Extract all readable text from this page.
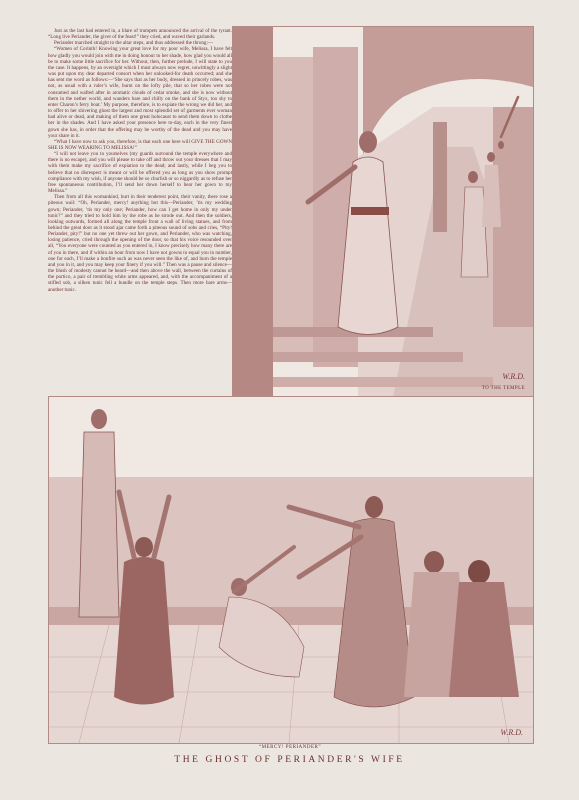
Just as the last had entered in, a blare of trumpets announced the arrival of the tyrant. “Long live Periander, the giver of the feast!” they cried, and waved their garlands.

Periander marched straight to the altar steps, and thus addressed the throng:—

“Women of Corinth! Knowing your great love for my poor wife, Melissa, I have felt how gladly you would join with me in doing honour to her shade, how glad you would all be to make some little sacrifice for her. Without, then, further prelude, I will state to you the case. It happens, by an oversight which I must always now regret, unwittingly a slight was put upon my dear departed consort when her unlooked-for death occurred; and she has sent me word as follows:—‘She says that as her body, dressed in princely robes, was not, as usual with a ruler’s wife, burnt on the lofty pile, that so her robes were not consumed and wafted after in aromatic clouds of cedar smoke, and she is now without them in the nether world, and wanders bare and chilly on the bank of Styx, too shy to enter Charon’s ferry boat.’ My purpose, therefore, is to expiate the wrong we did her, and to offer to her shivering ghost the largest and most splendid set of garments ever woman had alive or dead, and making of them one great holocaust to send them down to clothe her in the shades. And I have asked your presence here to-day, each in the very finest gown she has, in order that the offering may be worthy of the dead and you may have your share in it.

“What I have now to ask you, therefore, is that each one here will GIVE THE GOWN SHE IS NOW WEARING TO MELISSA!”

“I will not leave you to yourselves (my guards surround the temple everywhere and there is no escape), and you will please to take off and throw out your dresses that I may with them make my sacrifice of expiation to the dead; and lastly, while I beg you to believe that no disrespect is meant or will be offered you as long as you show prompt compliance with my wish, if anyone should be so churlish or so niggardly as to refuse her free spontaneous contribution, I’ll send her down herself to bear her gown to my Melissa.”

Then from all this womankind, hurt in their tenderest point, their vanity, there rose a piteous wail: “Oh, Periander, mercy! anything but this—Periander, ’tis my wedding gown; Periander, ’tis my only one; Periander, how can I get home in only my under tunic?” and they tried to hold him by the robe as he strode out. And then the soldiers, looking outwards, formed all along the temple front a wall of living statues, and from behind the great door as it stood ajar came forth a piteous sound of sobs and cries, “Pity! Periander, pity!” but no one yet threw out her gown, and Periander, who was watching, losing patience, cried through the opening of the door, so that his voice resounded over all, “You everyone were counted as you entered in, I know precisely how many there are of you in there, and if within an hour from now I have not gowns to equal you in number, one for each, I’ll make a bonfire such as was never seen the like of, and burn the temple and you in it, and you may keep your finery if you will.” Then was a pause and silence—the blush of modesty cannot be heard—and then above the wall, between the curtains of the portico, a pair of trembling white arms appeared, and, with the accompaniment of a stifled sob, a silken tunic fell a bundle on the temple steps. Then more bare arms—another tunic.

TO THE TEMPLE
W.R.D.
W.R.D.
“MERCY! PERIANDER”
THE GHOST OF PERIANDER'S WIFE
